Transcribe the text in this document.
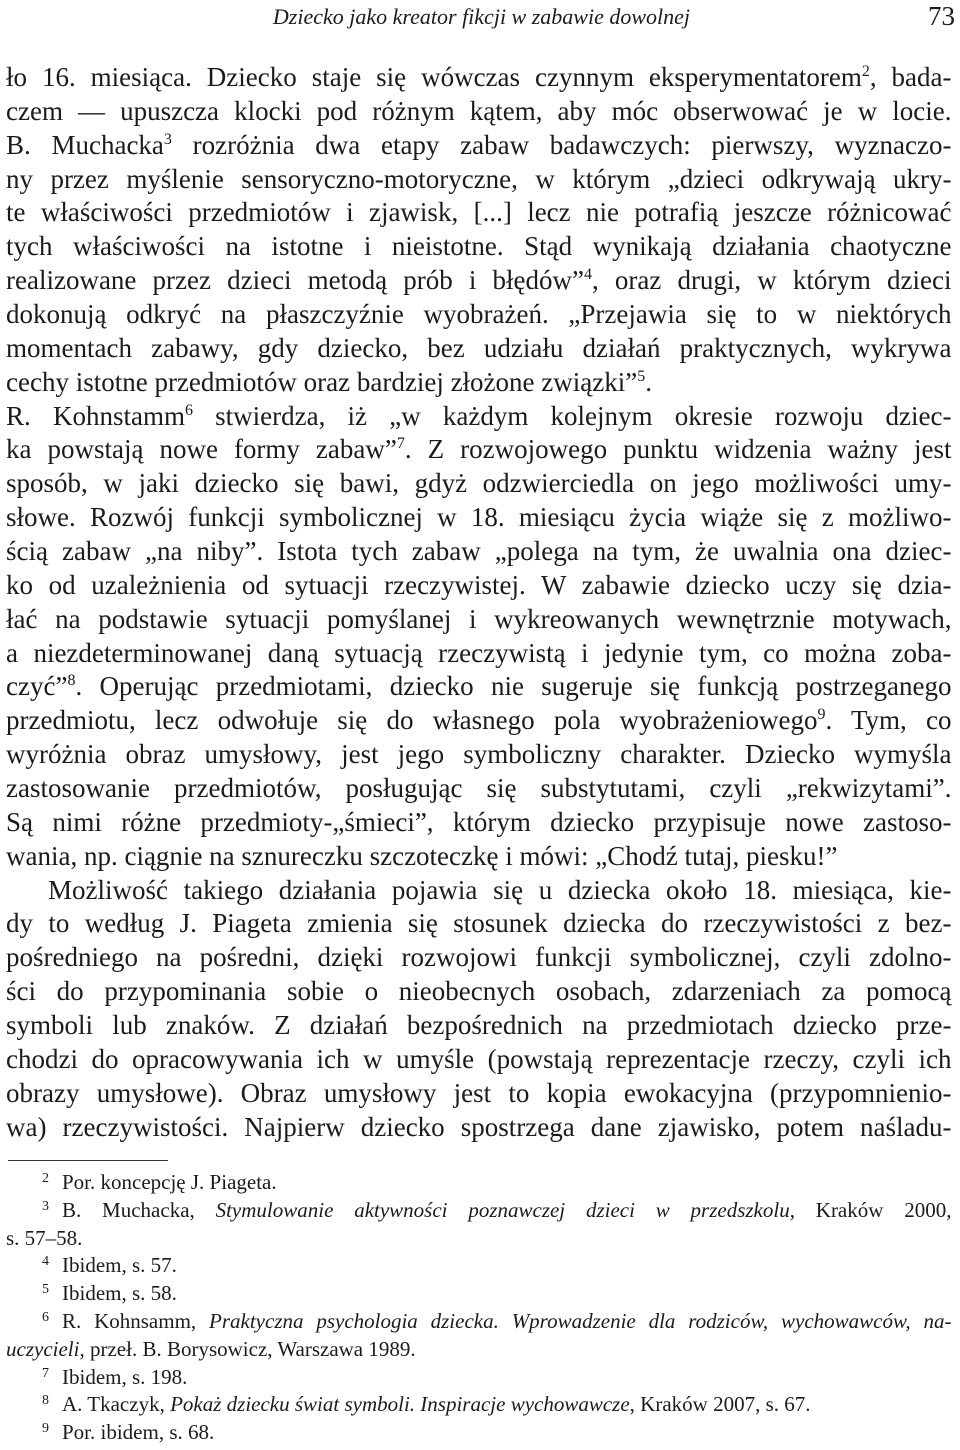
Dziecko jako kreator fikcji w zabawie dowolnej	73
ło 16. miesiąca. Dziecko staje się wówczas czynnym eksperymentatorem$^2$, bada-
czem — upuszcza klocki pod różnym kątem, aby móc obserwować je w locie.
B. Muchacka$^3$ rozróżnia dwa etapy zabaw badawczych: pierwszy, wyznaczo-
ny przez myślenie sensoryczno-motoryczne, w którym „dzieci odkrywają ukry-
te właściwości przedmiotów i zjawisk, [...] lecz nie potrafią jeszcze różnicować
tych właściwości na istotne i nieistotne. Stąd wynikają działania chaotyczne
realizowane przez dzieci metodą prób i błędów”$^4$, oraz drugi, w którym dzieci
dokonują odkryć na płaszczyźnie wyobrażeń. „Przejawia się to w niektórych
momentach zabawy, gdy dziecko, bez udziału działań praktycznych, wykrywa
cechy istotne przedmiotów oraz bardziej złożone związki”$^5$.
R. Kohnstamm$^6$ stwierdza, iż „w każdym kolejnym okresie rozwoju dziec-
ka powstają nowe formy zabaw”$^7$. Z rozwojowego punktu widzenia ważny jest
sposób, w jaki dziecko się bawi, gdyż odzwierciedla on jego możliwości umy-
słowe. Rozwój funkcji symbolicznej w 18. miesiącu życia wiąże się z możliwo-
ścią zabaw „na niby”. Istota tych zabaw „polega na tym, że uwalnia ona dziec-
ko od uzależnienia od sytuacji rzeczywistej. W zabawie dziecko uczy się dzia-
łać na podstawie sytuacji pomyślanej i wykreowanych wewnętrznie motywach,
a niezdeterminowanej daną sytuacją rzeczywistą i jedynie tym, co można zoba-
czyć”$^8$. Operując przedmiotami, dziecko nie sugeruje się funkcją postrzeganego
przedmiotu, lecz odwołuje się do własnego pola wyobrażeniowego$^9$. Tym, co
wyróżnia obraz umysłowy, jest jego symboliczny charakter. Dziecko wymyśla
zastosowanie przedmiotów, posługując się substytutami, czyli „rekwizytami”.
Są nimi różne przedmioty-„śmieci”, którym dziecko przypisuje nowe zastoso-
wania, np. ciągnie na sznureczku szczoteczkę i mówi: „Chodź tutaj, piesku!”
Możliwość takiego działania pojawia się u dziecka około 18. miesiąca, kie-
dy to według J. Piageta zmienia się stosunek dziecka do rzeczywistości z bez-
pośredniego na pośredni, dzięki rozwojowi funkcji symbolicznej, czyli zdolno-
ści do przypominania sobie o nieobecnych osobach, zdarzeniach za pomocą
symboli lub znaków. Z działań bezpośrednich na przedmiotach dziecko prze-
chodzi do opracowywania ich w umyśle (powstają reprezentacje rzeczy, czyli ich
obrazy umysłowe). Obraz umysłowy jest to kopia ewokacyjna (przypomnienio-
wa) rzeczywistości. Najpierw dziecko spostrzega dane zjawisko, potem naśladu-
2 Por. koncepcję J. Piageta.
3 B. Muchacka, Stymulowanie aktywności poznawczej dzieci w przedszkolu, Kraków 2000,
s. 57–58.
4 Ibidem, s. 57.
5 Ibidem, s. 58.
6 R. Kohnsamm, Praktyczna psychologia dziecka. Wprowadzenie dla rodziców, wychowawców, na-
uczycieli, przeł. B. Borysowicz, Warszawa 1989.
7 Ibidem, s. 198.
8 A. Tkaczyk, Pokaż dziecku świat symboli. Inspiracje wychowawcze, Kraków 2007, s. 67.
9 Por. ibidem, s. 68.
